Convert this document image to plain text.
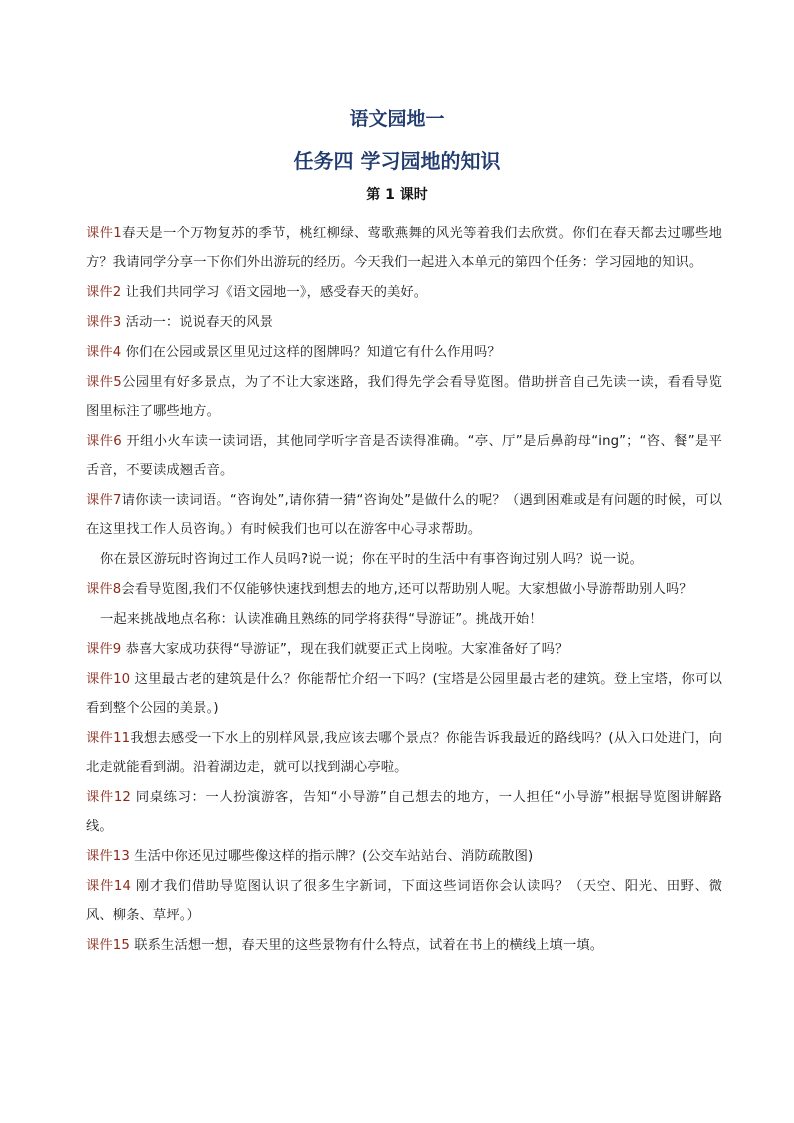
语文园地一
任务四 学习园地的知识
第 1 课时

课件1春天是一个万物复苏的季节，桃红柳绿、莺歌燕舞的风光等着我们去欣赏。你们在春天都去过哪些地方？我请同学分享一下你们外出游玩的经历。今天我们一起进入本单元的第四个任务：学习园地的知识。

课件2 让我们共同学习《语文园地一》，感受春天的美好。

课件3 活动一：说说春天的风景

课件4 你们在公园或景区里见过这样的图牌吗？知道它有什么作用吗？

课件5公园里有好多景点，为了不让大家迷路，我们得先学会看导览图。借助拼音自己先读一读，看看导览图里标注了哪些地方。

课件6 开组小火车读一读词语，其他同学听字音是否读得准确。“亭、厅”是后鼻韵母“ing”；“咨、餐”是平舌音，不要读成翘舌音。

课件7请你读一读词语。“咨询处”,请你猜一猜“咨询处”是做什么的呢？（遇到困难或是有问题的时候，可以在这里找工作人员咨询。）有时候我们也可以在游客中心寻求帮助。

你在景区游玩时咨询过工作人员吗?说一说；你在平时的生活中有事咨询过别人吗？说一说。

课件8会看导览图,我们不仅能够快速找到想去的地方,还可以帮助别人呢。大家想做小导游帮助别人吗？

一起来挑战地点名称：认读准确且熟练的同学将获得“导游证”。挑战开始！

课件9 恭喜大家成功获得“导游证”，现在我们就要正式上岗啦。大家准备好了吗？

课件10 这里最古老的建筑是什么？你能帮忙介绍一下吗？(宝塔是公园里最古老的建筑。登上宝塔，你可以看到整个公园的美景。)

课件11我想去感受一下水上的别样风景,我应该去哪个景点？你能告诉我最近的路线吗？(从入口处进门，向北走就能看到湖。沿着湖边走，就可以找到湖心亭啦。

课件12 同桌练习：一人扮演游客，告知“小导游”自己想去的地方，一人担任“小导游”根据导览图讲解路线。

课件13 生活中你还见过哪些像这样的指示牌？(公交车站站台、消防疏散图)

课件14 刚才我们借助导览图认识了很多生字新词，下面这些词语你会认读吗？（天空、阳光、田野、微风、柳条、草坪。）

课件15 联系生活想一想，春天里的这些景物有什么特点，试着在书上的横线上填一填。
